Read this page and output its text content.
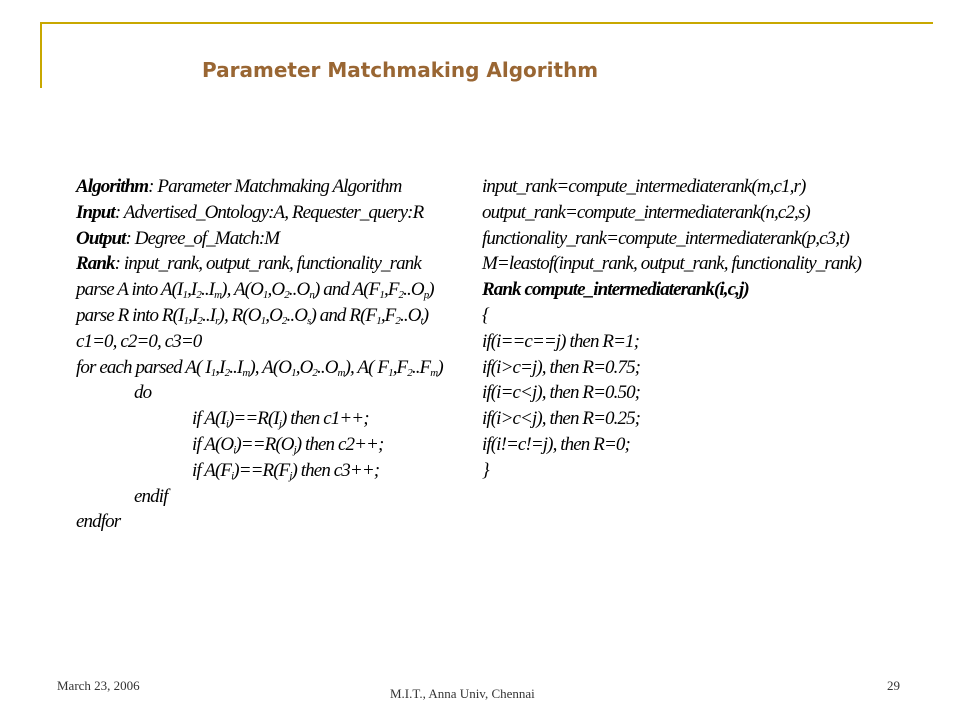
Parameter Matchmaking Algorithm
Algorithm: Parameter Matchmaking Algorithm
Input: Advertised_Ontology:A, Requester_query:R
Output: Degree_of_Match:M
Rank: input_rank, output_rank, functionality_rank
parse A into $A(I_1,I_2..I_m)$, $A(O_1,O_2..O_n)$ and $A(F_1,F_2..O_p)$
parse R into $R(I_1,I_2..I_r)$, $R(O_1,O_2..O_s)$ and $R(F_1,F_2..O_t)$
c1=0, c2=0, c3=0
for each parsed A( $I_1,I_2..I_m$), $A(O_1,O_2..O_m)$, A( $F_1,F_2..F_m$)
do
if $A(I_i)==R(I_j)$ then c1++;
if $A(O_i)==R(O_j)$ then c2++;
if $A(F_i)==R(F_j)$ then c3++;
endif
endfor
input_rank=compute_intermediaterank(m,c1,r)
output_rank=compute_intermediaterank(n,c2,s)
functionality_rank=compute_intermediaterank(p,c3,t)
M=leastof(input_rank, output_rank, functionality_rank)
Rank compute_intermediaterank(i,c,j)
{
if(i==c==j) then R=1;
if(i>c=j), then R=0.75;
if(i=c<j), then R=0.50;
if(i>c<j), then R=0.25;
if(i!=c!=j), then R=0;
}
March 23, 2006
M.I.T., Anna Univ, Chennai
29
